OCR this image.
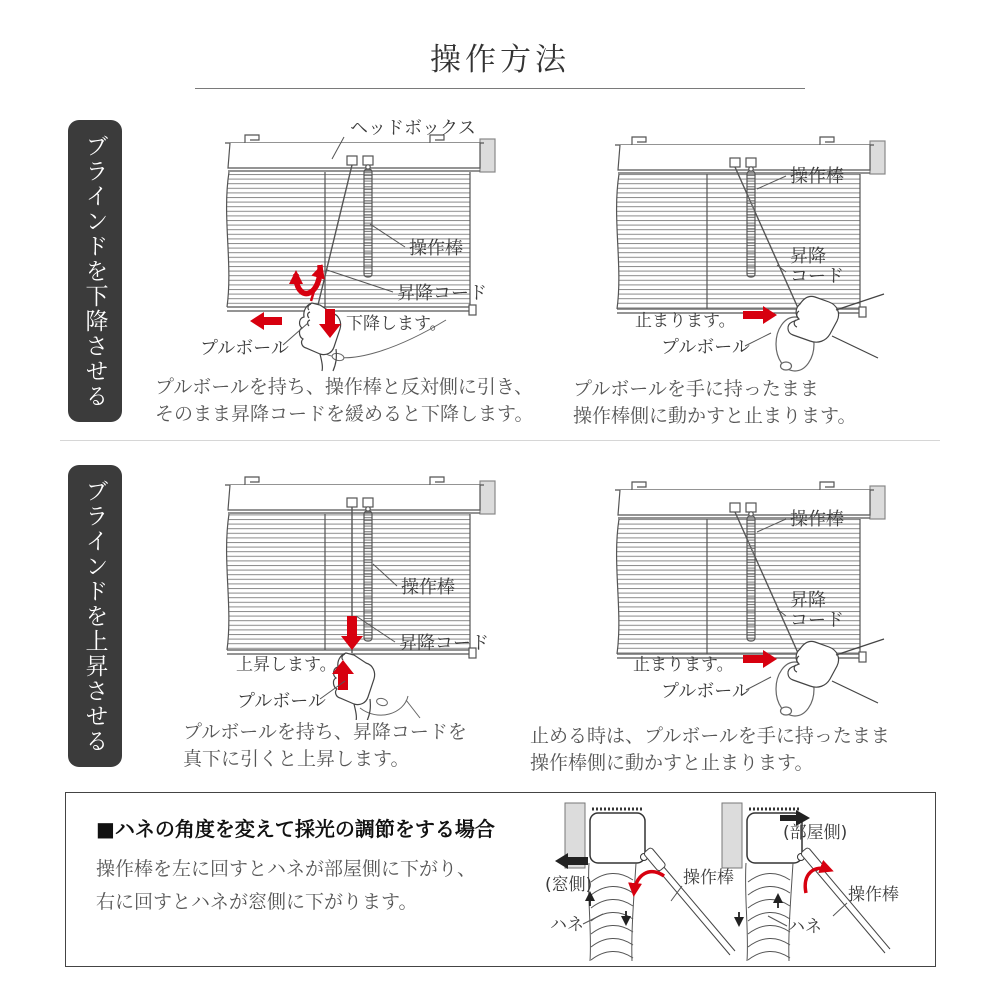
操作方法
ブラインドを下降させる
ヘッドボックス
操作棒
昇降コード
プルボール
下降します。
操作棒
昇降
コード
止まります。
プルボール
プルボールを持ち、操作棒と反対側に引き、
そのまま昇降コードを緩めると下降します。
プルボールを手に持ったまま
操作棒側に動かすと止まります。
ブラインドを上昇させる	操作棒
昇降コード
上昇します。
プルボール
操作棒
昇降
コード
止まります。
プルボール
プルボールを持ち、昇降コードを
真下に引くと上昇します。
止める時は、プルボールを手に持ったまま
操作棒側に動かすと止まります。
■ハネの角度を変えて採光の調節をする場合
操作棒を左に回すとハネが部屋側に下がり、
右に回すとハネが窓側に下がります。
(窓側)
ハネ
操作棒
(部屋側)
ハネ
操作棒
